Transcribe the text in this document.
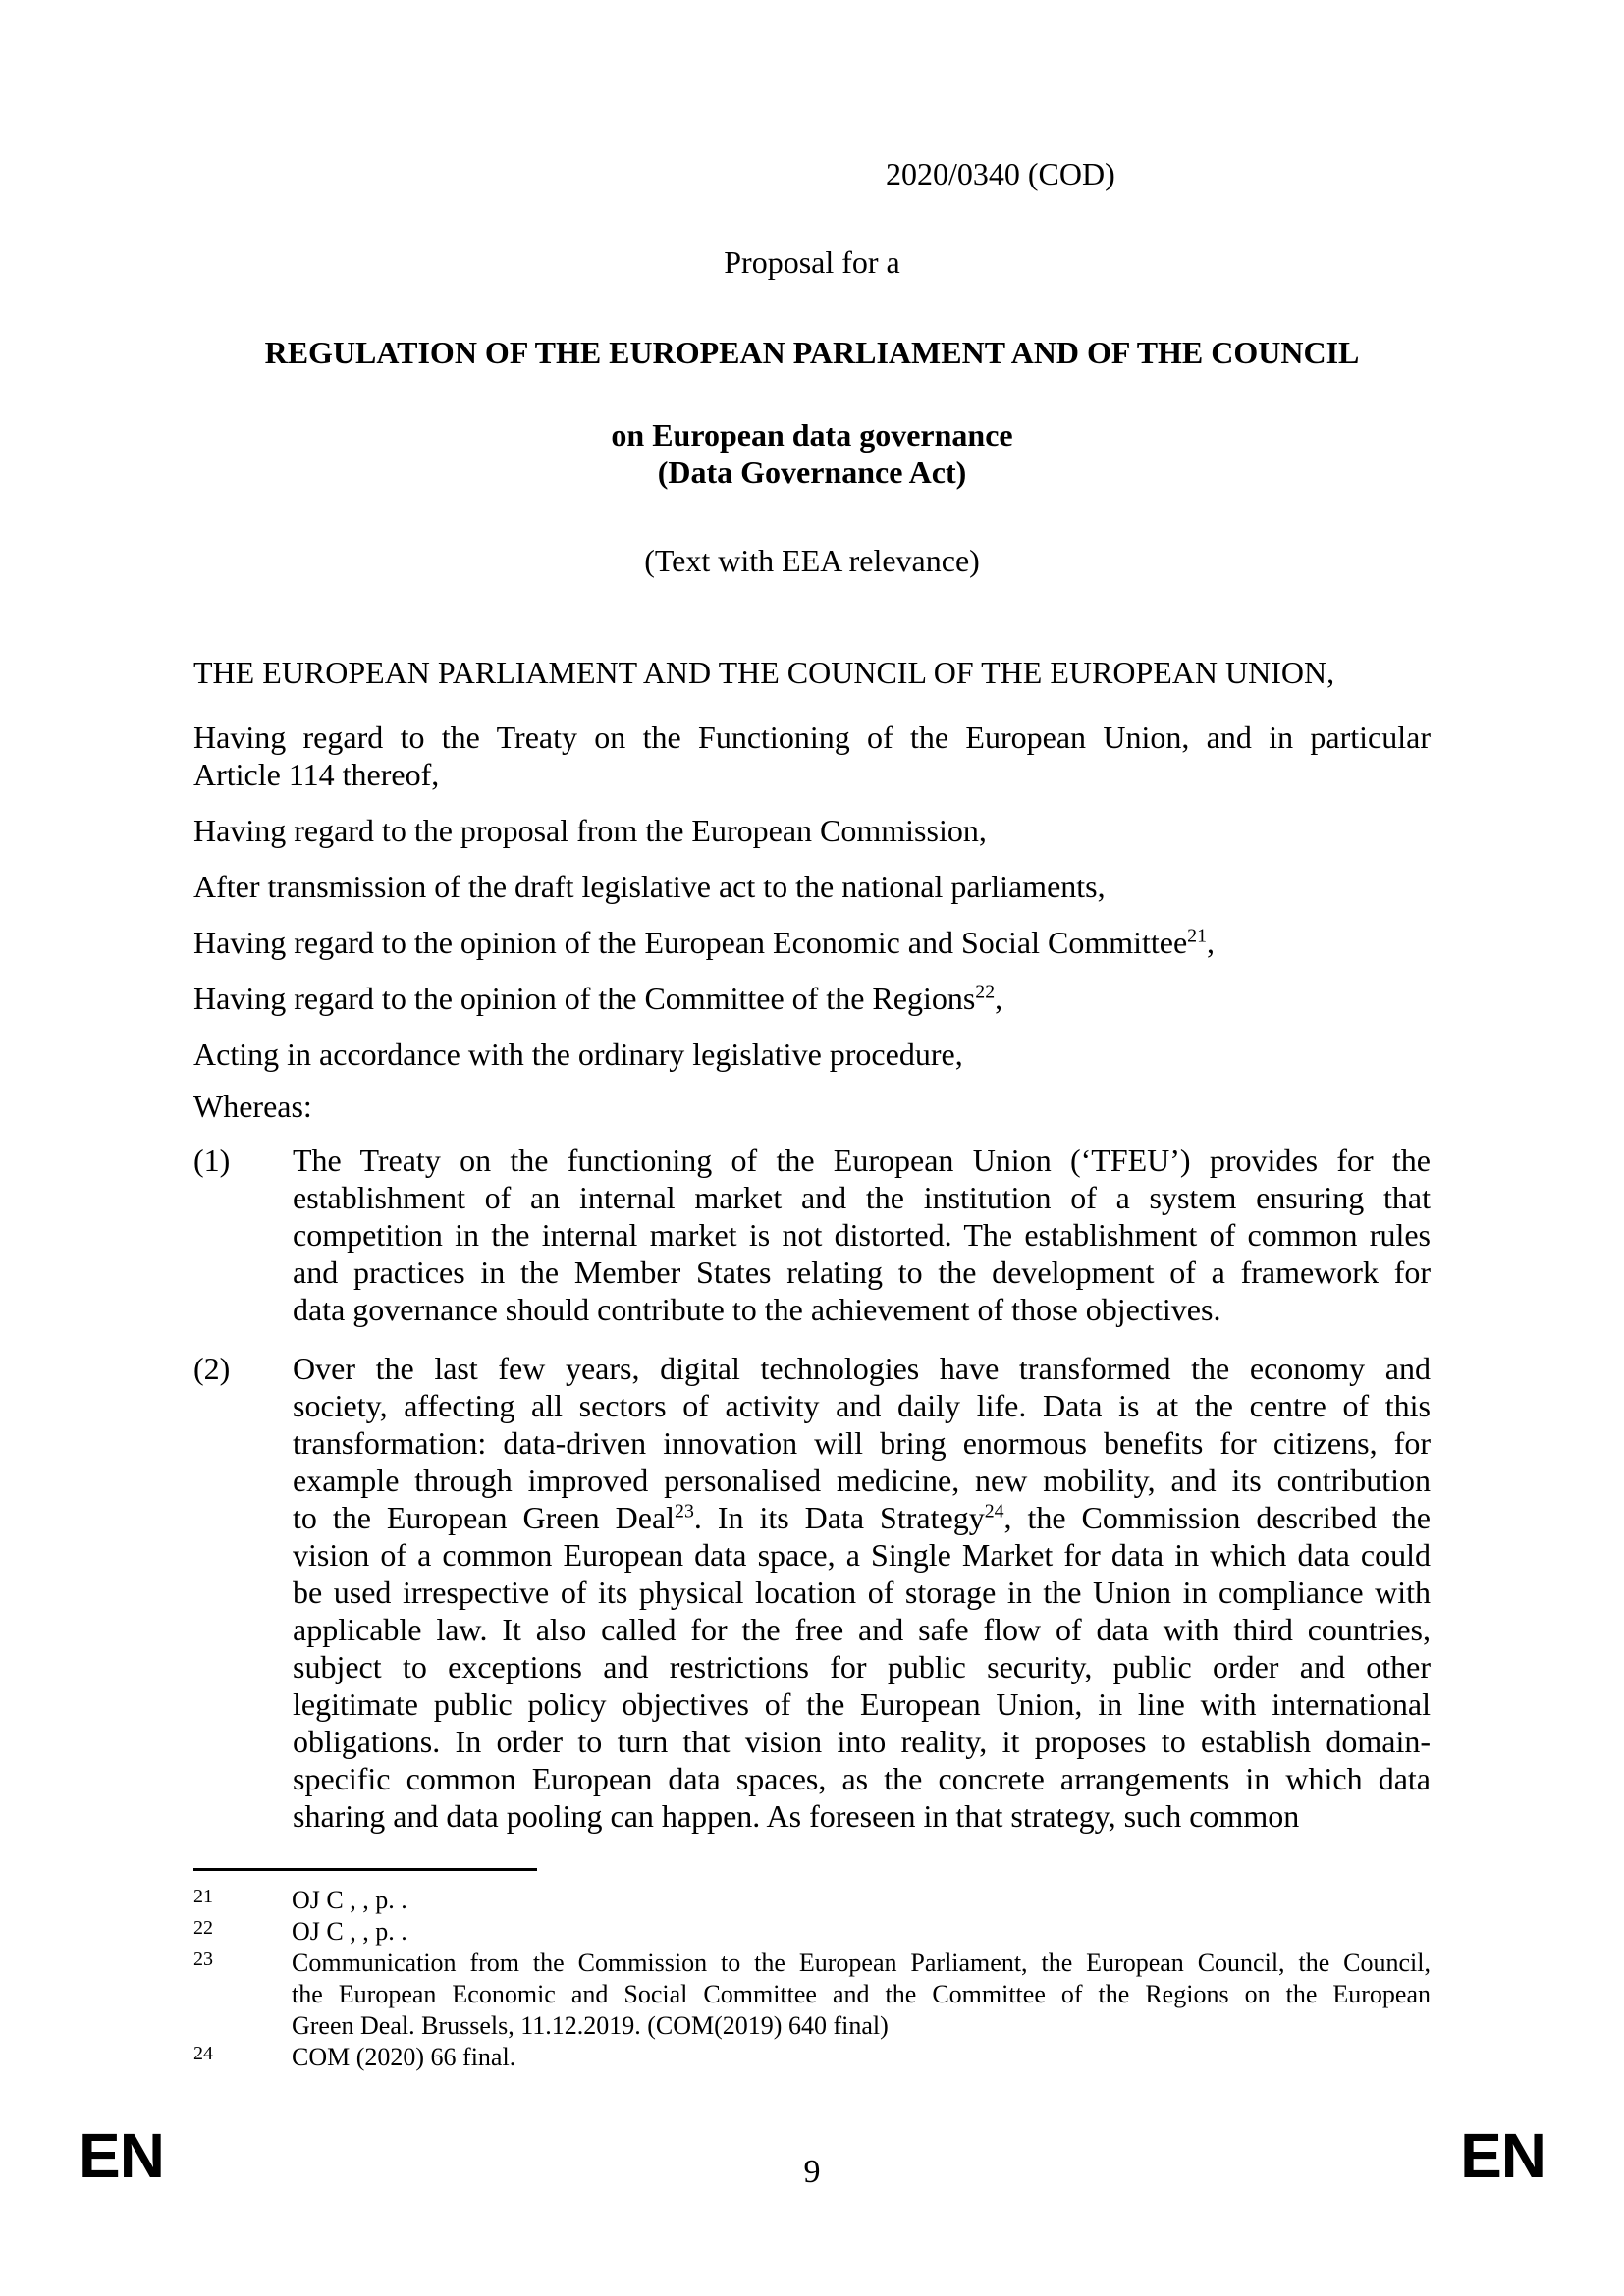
2020/0340 (COD)
Proposal for a
REGULATION OF THE EUROPEAN PARLIAMENT AND OF THE COUNCIL
on European data governance
(Data Governance Act)
(Text with EEA relevance)
THE EUROPEAN PARLIAMENT AND THE COUNCIL OF THE EUROPEAN UNION,
Having regard to the Treaty on the Functioning of the European Union, and in particular
Article 114 thereof,
Having regard to the proposal from the European Commission,
After transmission of the draft legislative act to the national parliaments,
Having regard to the opinion of the European Economic and Social Committee$^{21}$,
Having regard to the opinion of the Committee of the Regions$^{22}$,
Acting in accordance with the ordinary legislative procedure,
Whereas:
(1) The Treaty on the functioning of the European Union (‘TFEU’) provides for the
establishment of an internal market and the institution of a system ensuring that
competition in the internal market is not distorted. The establishment of common rules
and practices in the Member States relating to the development of a framework for
data governance should contribute to the achievement of those objectives.
(2) Over the last few years, digital technologies have transformed the economy and
society, affecting all sectors of activity and daily life. Data is at the centre of this
transformation: data-driven innovation will bring enormous benefits for citizens, for
example through improved personalised medicine, new mobility, and its contribution
to the European Green Deal$^{23}$. In its Data Strategy$^{24}$, the Commission described the
vision of a common European data space, a Single Market for data in which data could
be used irrespective of its physical location of storage in the Union in compliance with
applicable law. It also called for the free and safe flow of data with third countries,
subject to exceptions and restrictions for public security, public order and other
legitimate public policy objectives of the European Union, in line with international
obligations. In order to turn that vision into reality, it proposes to establish domain-
specific common European data spaces, as the concrete arrangements in which data
sharing and data pooling can happen. As foreseen in that strategy, such common
21	OJ C , , p. .
22	OJ C , , p. .
23	Communication from the Commission to the European Parliament, the European Council, the Council,
the European Economic and Social Committee and the Committee of the Regions on the European
Green Deal. Brussels, 11.12.2019. (COM(2019) 640 final)
24	COM (2020) 66 final.
EN	9	EN
